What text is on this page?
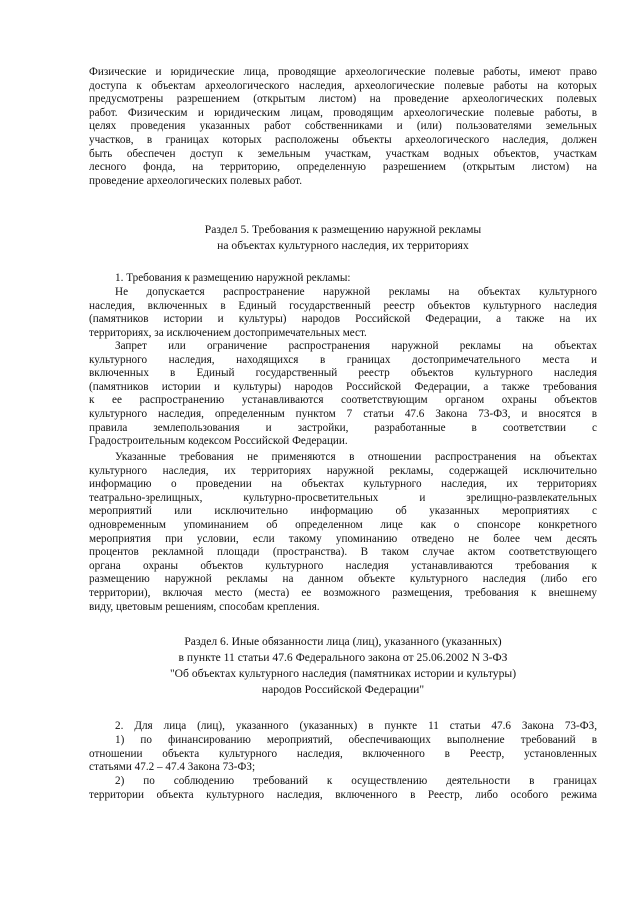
Физические и юридические лица, проводящие археологические полевые работы, имеют право
доступа к объектам археологического наследия, археологические полевые работы на которых
предусмотрены разрешением (открытым листом) на проведение археологических полевых
работ. Физическим и юридическим лицам, проводящим археологические полевые работы, в
целях проведения указанных работ собственниками и (или) пользователями земельных
участков, в границах которых расположены объекты археологического наследия, должен
быть обеспечен доступ к земельным участкам, участкам водных объектов, участкам
лесного фонда, на территорию, определенную разрешением (открытым листом) на
проведение археологических полевых работ.
Раздел 5. Требования к размещению наружной рекламы
на объектах культурного наследия, их территориях
1. Требования к размещению наружной рекламы:
Не допускается распространение наружной рекламы на объектах культурного
наследия, включенных в Единый государственный реестр объектов культурного наследия
(памятников истории и культуры) народов Российской Федерации, а также на их
территориях, за исключением достопримечательных мест.
Запрет или ограничение распространения наружной рекламы на объектах
культурного наследия, находящихся в границах достопримечательного места и
включенных в Единый государственный реестр объектов культурного наследия
(памятников истории и культуры) народов Российской Федерации, а также требования
к ее распространению устанавливаются соответствующим органом охраны объектов
культурного наследия, определенным пунктом 7 статьи 47.6 Закона 73-ФЗ, и вносятся в
правила землепользования и застройки, разработанные в соответствии с
Градостроительным кодексом Российской Федерации.
Указанные требования не применяются в отношении распространения на объектах
культурного наследия, их территориях наружной рекламы, содержащей исключительно
информацию о проведении на объектах культурного наследия, их территориях
театрально-зрелищных, культурно-просветительных и зрелищно-развлекательных
мероприятий или исключительно информацию об указанных мероприятиях с
одновременным упоминанием об определенном лице как о спонсоре конкретного
мероприятия при условии, если такому упоминанию отведено не более чем десять
процентов рекламной площади (пространства). В таком случае актом соответствующего
органа охраны объектов культурного наследия устанавливаются требования к
размещению наружной рекламы на данном объекте культурного наследия (либо его
территории), включая место (места) ее возможного размещения, требования к внешнему
виду, цветовым решениям, способам крепления.
Раздел 6. Иные обязанности лица (лиц), указанного (указанных)
в пункте 11 статьи 47.6 Федерального закона от 25.06.2002 N 3-ФЗ
"Об объектах культурного наследия (памятниках истории и культуры)
народов Российской Федерации"
2. Для лица (лиц), указанного (указанных) в пункте 11 статьи 47.6 Закона 73-ФЗ,
1) по финансированию мероприятий, обеспечивающих выполнение требований в
отношении объекта культурного наследия, включенного в Реестр, установленных
статьями 47.2 – 47.4 Закона 73-ФЗ;
2) по соблюдению требований к осуществлению деятельности в границах
территории объекта культурного наследия, включенного в Реестр, либо особого режима
